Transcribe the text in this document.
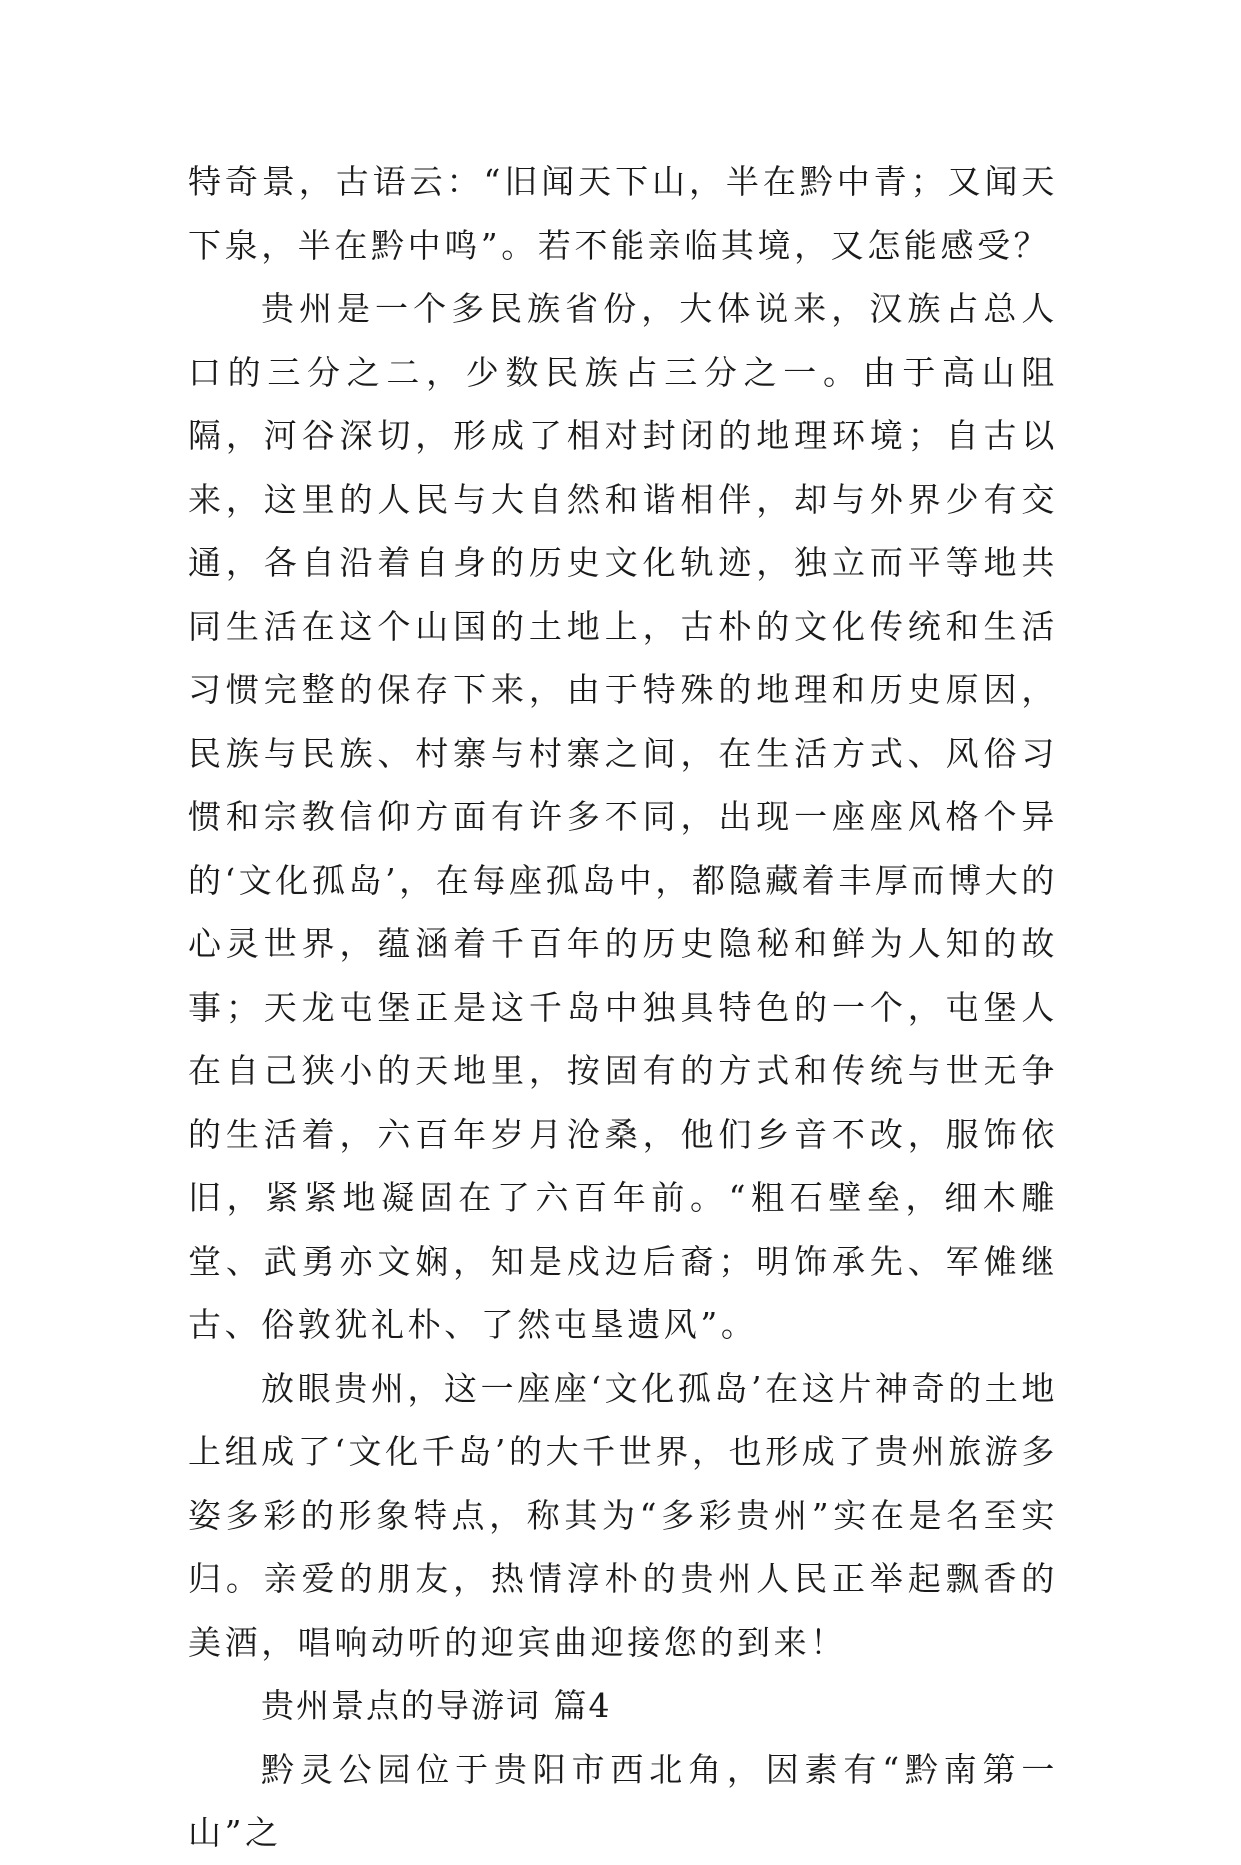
特奇景，古语云：“旧闻天下山，半在黔中青；又闻天下泉，半在黔中鸣”。若不能亲临其境，又怎能感受？

贵州是一个多民族省份，大体说来，汉族占总人口的三分之二，少数民族占三分之一。由于高山阻隔，河谷深切，形成了相对封闭的地理环境；自古以来，这里的人民与大自然和谐相伴，却与外界少有交通，各自沿着自身的历史文化轨迹，独立而平等地共同生活在这个山国的土地上，古朴的文化传统和生活习惯完整的保存下来，由于特殊的地理和历史原因，民族与民族、村寨与村寨之间，在生活方式、风俗习惯和宗教信仰方面有许多不同，出现一座座风格个异的‘文化孤岛’，在每座孤岛中，都隐藏着丰厚而博大的心灵世界，蕴涵着千百年的历史隐秘和鲜为人知的故事；天龙屯堡正是这千岛中独具特色的一个，屯堡人在自己狭小的天地里，按固有的方式和传统与世无争的生活着，六百年岁月沧桑，他们乡音不改，服饰依旧，紧紧地凝固在了六百年前。“粗石壁垒，细木雕堂、武勇亦文娴，知是戍边后裔；明饰承先、军傩继古、俗敦犹礼朴、了然屯垦遗风”。

放眼贵州，这一座座‘文化孤岛’在这片神奇的土地上组成了‘文化千岛’的大千世界，也形成了贵州旅游多姿多彩的形象特点，称其为“多彩贵州”实在是名至实归。亲爱的朋友，热情淳朴的贵州人民正举起飘香的美酒，唱响动听的迎宾曲迎接您的到来！

贵州景点的导游词 篇4

黔灵公园位于贵阳市西北角，因素有“黔南第一山”之
